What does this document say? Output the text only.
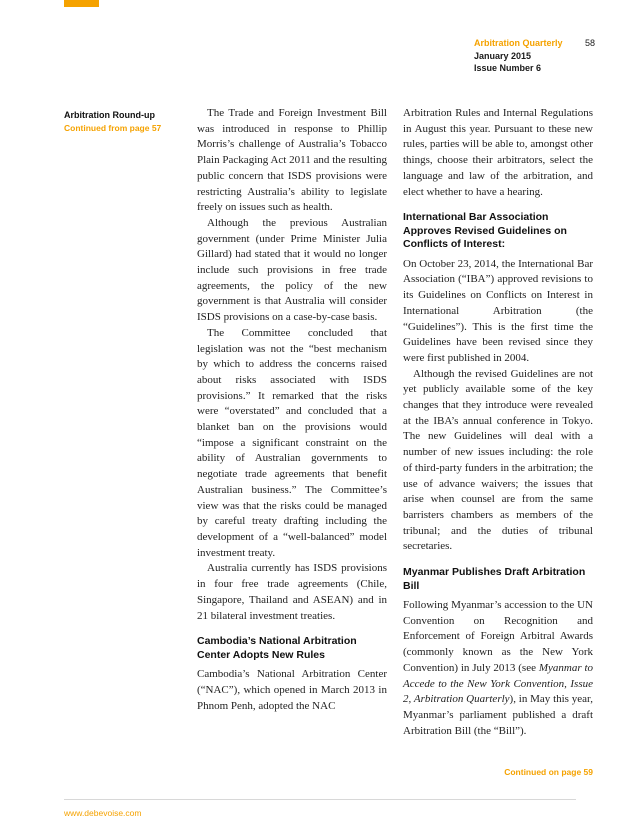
Arbitration Quarterly
January 2015
Issue Number 6
58
Arbitration Round-up
Continued from page 57

The Trade and Foreign Investment Bill was introduced in response to Phillip Morris’s challenge of Australia’s Tobacco Plain Packaging Act 2011 and the resulting public concern that ISDS provisions were restricting Australia’s ability to legislate freely on issues such as health.

Although the previous Australian government (under Prime Minister Julia Gillard) had stated that it would no longer include such provisions in free trade agreements, the policy of the new government is that Australia will consider ISDS provisions on a case-by-case basis.

The Committee concluded that legislation was not the “best mechanism by which to address the concerns raised about risks associated with ISDS provisions.” It remarked that the risks were “overstated” and concluded that a blanket ban on the provisions would “impose a significant constraint on the ability of Australian governments to negotiate trade agreements that benefit Australian business.” The Committee’s view was that the risks could be managed by careful treaty drafting including the development of a “well-balanced” model investment treaty.

Australia currently has ISDS provisions in four free trade agreements (Chile, Singapore, Thailand and ASEAN) and in 21 bilateral investment treaties.

Cambodia’s National Arbitration Center Adopts New Rules

Cambodia’s National Arbitration Center (“NAC”), which opened in March 2013 in Phnom Penh, adopted the NAC

Arbitration Rules and Internal Regulations in August this year. Pursuant to these new rules, parties will be able to, amongst other things, choose their arbitrators, select the language and law of the arbitration, and elect whether to have a hearing.

International Bar Association Approves Revised Guidelines on Conflicts of Interest:

On October 23, 2014, the International Bar Association (“IBA”) approved revisions to its Guidelines on Conflicts on Interest in International Arbitration (the “Guidelines”). This is the first time the Guidelines have been revised since they were first published in 2004.

Although the revised Guidelines are not yet publicly available some of the key changes that they introduce were revealed at the IBA’s annual conference in Tokyo. The new Guidelines will deal with a number of new issues including: the role of third-party funders in the arbitration; the use of advance waivers; the issues that arise when counsel are from the same barristers chambers as members of the tribunal; and the duties of tribunal secretaries.

Myanmar Publishes Draft Arbitration Bill

Following Myanmar’s accession to the UN Convention on Recognition and Enforcement of Foreign Arbitral Awards (commonly known as the New York Convention) in July 2013 (see Myanmar to Accede to the New York Convention, Issue 2, Arbitration Quarterly), in May this year, Myanmar’s parliament published a draft Arbitration Bill (the “Bill”).

Continued on page 59
www.debevoise.com
